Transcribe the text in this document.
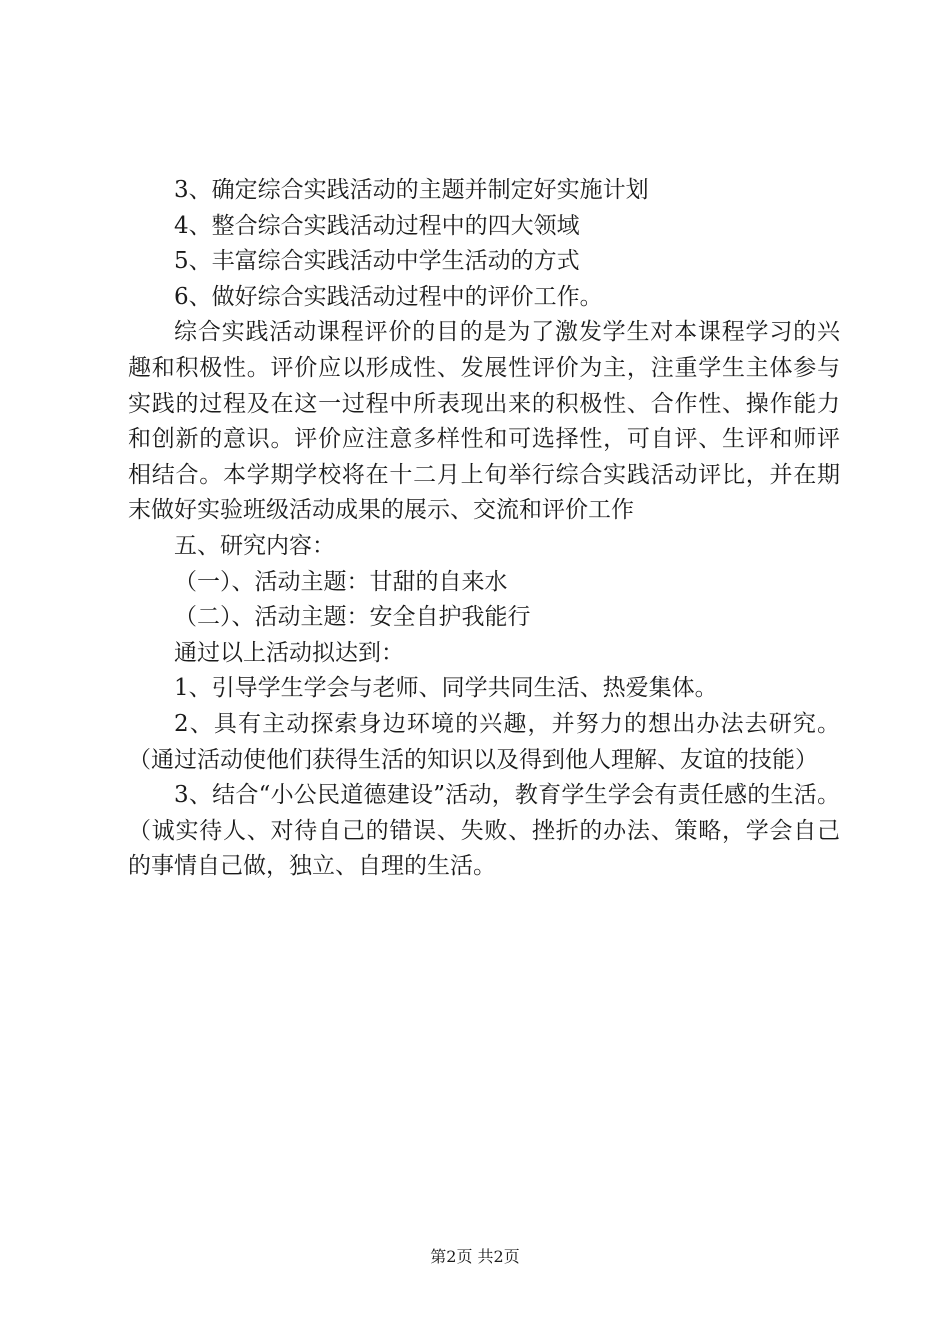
3、确定综合实践活动的主题并制定好实施计划

4、整合综合实践活动过程中的四大领域

5、丰富综合实践活动中学生活动的方式

6、做好综合实践活动过程中的评价工作。

综合实践活动课程评价的目的是为了激发学生对本课程学习的兴趣和积极性。评价应以形成性、发展性评价为主，注重学生主体参与实践的过程及在这一过程中所表现出来的积极性、合作性、操作能力和创新的意识。评价应注意多样性和可选择性，可自评、生评和师评相结合。本学期学校将在十二月上旬举行综合实践活动评比，并在期末做好实验班级活动成果的展示、交流和评价工作

五、研究内容：

（一）、活动主题：甘甜的自来水

（二）、活动主题：安全自护我能行

通过以上活动拟达到：

1、引导学生学会与老师、同学共同生活、热爱集体。

2、具有主动探索身边环境的兴趣，并努力的想出办法去研究。（通过活动使他们获得生活的知识以及得到他人理解、友谊的技能）

3、结合“小公民道德建设”活动，教育学生学会有责任感的生活。（诚实待人、对待自己的错误、失败、挫折的办法、策略，学会自己的事情自己做，独立、自理的生活。

第2页 共2页
